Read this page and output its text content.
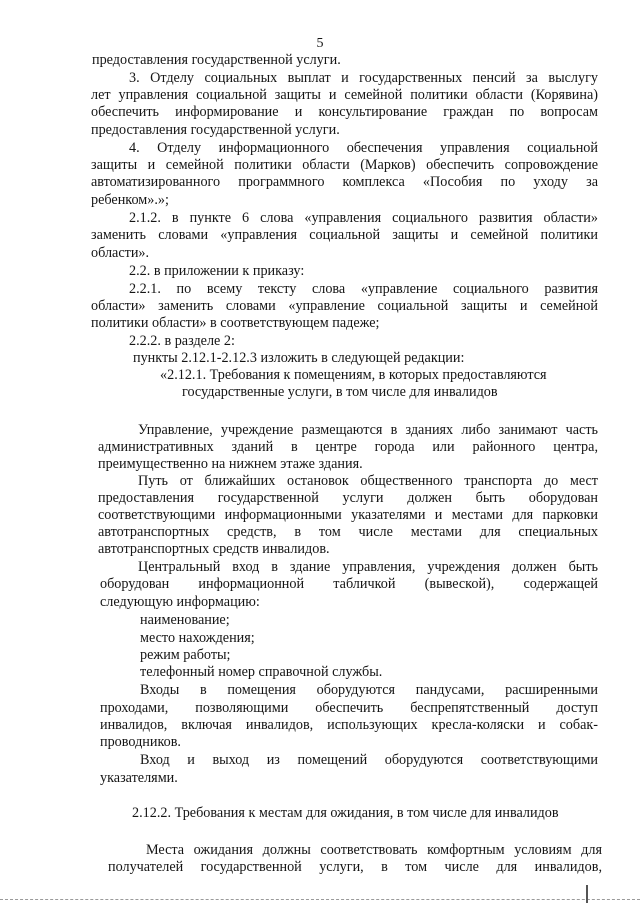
5
предоставления государственной услуги.
3. Отделу социальных выплат и государственных пенсий за выслугу
лет управления социальной защиты и семейной политики области (Корявина)
обеспечить информирование и консультирование граждан по вопросам
предоставления государственной услуги.
4. Отделу информационного обеспечения управления социальной
защиты и семейной политики области (Марков) обеспечить сопровождение
автоматизированного программного комплекса «Пособия по уходу за
ребенком».»;
2.1.2. в пункте 6 слова «управления социального развития области»
заменить словами «управления социальной защиты и семейной политики
области».
2.2. в приложении к приказу:
2.2.1. по всему тексту слова «управление социального развития
области» заменить словами «управление социальной защиты и семейной
политики области» в соответствующем падеже;
2.2.2. в разделе 2:
пункты 2.12.1-2.12.3 изложить в следующей редакции:
«2.12.1. Требования к помещениям, в которых предоставляются
государственные услуги, в том числе для инвалидов
Управление, учреждение размещаются в зданиях либо занимают часть
административных зданий в центре города или районного центра,
преимущественно на нижнем этаже здания.
Путь от ближайших остановок общественного транспорта до мест
предоставления государственной услуги должен быть оборудован
соответствующими информационными указателями и местами для парковки
автотранспортных средств, в том числе местами для специальных
автотранспортных средств инвалидов.
Центральный вход в здание управления, учреждения должен быть
оборудован информационной табличкой (вывеской), содержащей
следующую информацию:
наименование;
место нахождения;
режим работы;
телефонный номер справочной службы.
Входы в помещения оборудуются пандусами, расширенными
проходами, позволяющими обеспечить беспрепятственный доступ
инвалидов, включая инвалидов, использующих кресла-коляски и собак-
проводников.
Вход и выход из помещений оборудуются соответствующими
указателями.
2.12.2. Требования к местам для ожидания, в том числе для инвалидов
Места ожидания должны соответствовать комфортным условиям для
получателей государственной услуги, в том числе для инвалидов,
